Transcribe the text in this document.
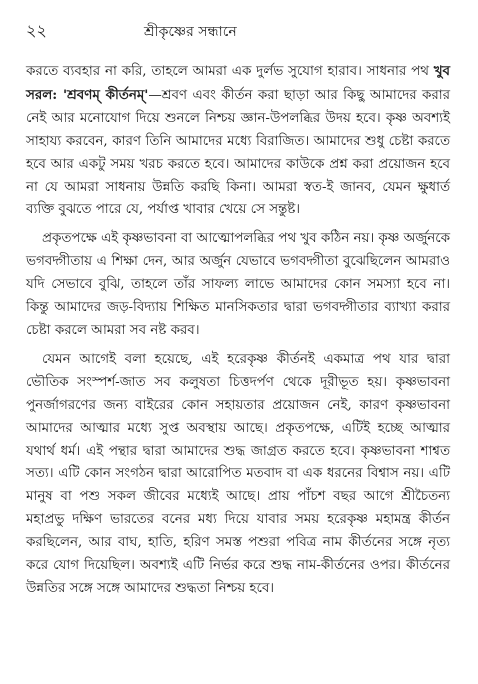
২২	শ্রীকৃষ্ণের সন্ধানে

করতে ব্যবহার না করি, তাহলে আমরা এক দুর্লভ সুযোগ হারাব। সাধনার পথ খুব সরল: 'শ্রবণম্ কীর্তনম্'—শ্রবণ এবং কীর্তন করা ছাড়া আর কিছু আমাদের করার নেই আর মনোযোগ দিয়ে শুনলে নিশ্চয় জ্ঞান-উপলব্ধির উদয় হবে। কৃষ্ণ অবশ্যই সাহায্য করবেন, কারণ তিনি আমাদের মধ্যে বিরাজিত। আমাদের শুধু চেষ্টা করতে হবে আর একটু সময় খরচ করতে হবে। আমাদের কাউকে প্রশ্ন করা প্রয়োজন হবে না যে আমরা সাধনায় উন্নতি করছি কিনা। আমরা স্বত-ই জানব, যেমন ক্ষুধার্ত ব্যক্তি বুঝতে পারে যে, পর্যাপ্ত খাবার খেয়ে সে সন্তুষ্ট।

প্রকৃতপক্ষে এই কৃষ্ণভাবনা বা আত্মোপলব্ধির পথ খুব কঠিন নয়। কৃষ্ণ অর্জুনকে ভগবদ্গীতায় এ শিক্ষা দেন, আর অর্জুন যেভাবে ভগবদ্গীতা বুঝেছিলেন আমরাও যদি সেভাবে বুঝি, তাহলে তাঁর সাফল্য লাভে আমাদের কোন সমস্যা হবে না। কিন্তু আমাদের জড়-বিদ্যায় শিক্ষিত মানসিকতার দ্বারা ভগবদ্গীতার ব্যাখ্যা করার চেষ্টা করলে আমরা সব নষ্ট করব।

যেমন আগেই বলা হয়েছে, এই হরেকৃষ্ণ কীর্তনই একমাত্র পথ যার দ্বারা ভৌতিক সংস্পর্শ-জাত সব কলুষতা চিত্তদর্পণ থেকে দূরীভূত হয়। কৃষ্ণভাবনা পুনর্জাগরণের জন্য বাইরের কোন সহায়তার প্রয়োজন নেই, কারণ কৃষ্ণভাবনা আমাদের আত্মার মধ্যে সুপ্ত অবস্থায় আছে। প্রকৃতপক্ষে, এটিই হচ্ছে আত্মার যথার্থ ধর্ম। এই পন্থার দ্বারা আমাদের শুদ্ধ জাগ্রত করতে হবে। কৃষ্ণভাবনা শাশ্বত সত্য। এটি কোন সংগঠন দ্বারা আরোপিত মতবাদ বা এক ধরনের বিশ্বাস নয়। এটি মানুষ বা পশু সকল জীবের মধ্যেই আছে। প্রায় পাঁচশ বছর আগে শ্রীচৈতন্য মহাপ্রভু দক্ষিণ ভারতের বনের মধ্য দিয়ে যাবার সময় হরেকৃষ্ণ মহামন্ত্র কীর্তন করছিলেন, আর বাঘ, হাতি, হরিণ সমস্ত পশুরা পবিত্র নাম কীর্তনের সঙ্গে নৃত্য করে যোগ দিয়েছিল। অবশ্যই এটি নির্ভর করে শুদ্ধ নাম-কীর্তনের ওপর। কীর্তনের উন্নতির সঙ্গে সঙ্গে আমাদের শুদ্ধতা নিশ্চয় হবে।
